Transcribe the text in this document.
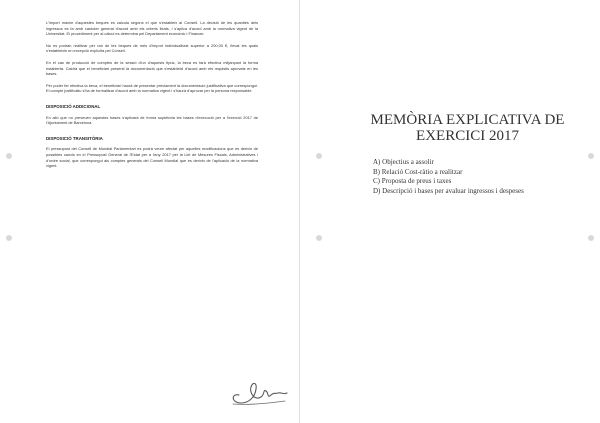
L'import màxim d'aquestes beques es calcula segons el que s'estableix al Consell. La decisió de les quanties dels ingressos es fa amb caràcter general d'acord amb els criteris fixats, i s'aplica d'acord amb la normativa vigent de la Universitat. El procediment per al càlcul es determina pel Departament econòmic i Financer.

No es podran realitzar per raó de les beques de més d'import individualitzat superior a 200,00 €, llevat les quals s'estableixin en excepció explícita pel Consell.

En el cas de producció de comptes de la sessió d'un d'aquests tipus, la beca es farà efectiva mitjançant la forma establerta. Caldrà que el beneficiari presenti la documentació que s'estableixi d'acord amb els requisits aprovats en les bases.

Per poder fer efectiva la beca, el beneficiari haurà de presentar prèviament la documentació justificativa que correspongui. El compte justificatiu s'ha de formalitzar d'acord amb la normativa vigent i s'haurà d'aprovar per la persona responsable.

DISPOSICIÓ ADDICIONAL

En allò que no preveuen aquestes bases s'aplicarà de forma supletòria les bases d'execució per a l'exercici 2017 de l'Ajuntament de Barcelona.

DISPOSICIÓ TRANSITÒRIA

El pressupost del Consell de Mundial Parlamentari es podrà veure afectat per aquelles modificacions que es derivin de possibles canvis en el Pressupost General de l'Estat per a l'any 2017 per la Llei de Mesures Fiscals, Administratives i d'ordre social, que correspongui als comptes generals del Consell Mundial que es derivin de l'aplicació de la normativa vigent.

MEMÒRIA EXPLICATIVA DE
EXERCICI 2017
A) Objectius a assolir
B) Relació Cost-ràtio a realitzar
C) Proposta de preus i taxes
D) Descripció i bases per avaluar ingressos i despeses
